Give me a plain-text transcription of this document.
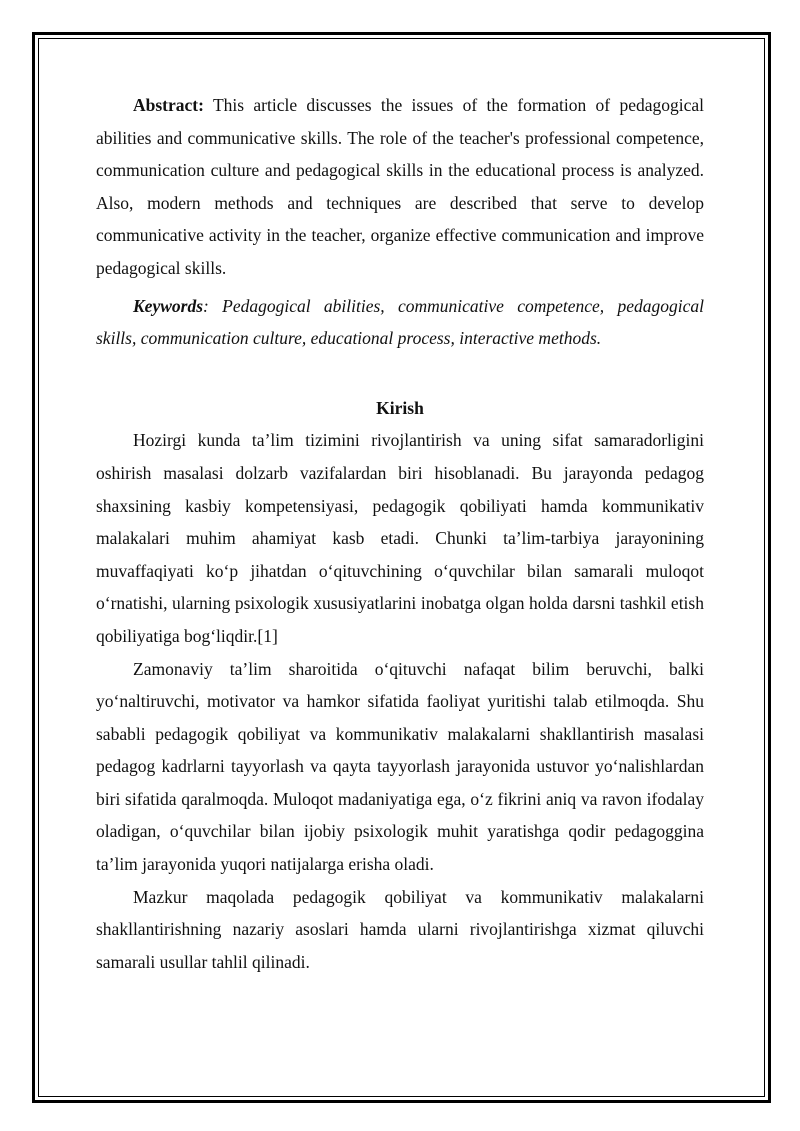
Abstract: This article discusses the issues of the formation of pedagogical abilities and communicative skills. The role of the teacher's professional competence, communication culture and pedagogical skills in the educational process is analyzed. Also, modern methods and techniques are described that serve to develop communicative activity in the teacher, organize effective communication and improve pedagogical skills.

Keywords: Pedagogical abilities, communicative competence, pedagogical skills, communication culture, educational process, interactive methods.

Kirish

Hozirgi kunda ta’lim tizimini rivojlantirish va uning sifat samaradorligini oshirish masalasi dolzarb vazifalardan biri hisoblanadi. Bu jarayonda pedagog shaxsining kasbiy kompetensiyasi, pedagogik qobiliyati hamda kommunikativ malakalari muhim ahamiyat kasb etadi. Chunki ta’lim-tarbiya jarayonining muvaffaqiyati ko‘p jihatdan o‘qituvchining o‘quvchilar bilan samarali muloqot o‘rnatishi, ularning psixologik xususiyatlarini inobatga olgan holda darsni tashkil etish qobiliyatiga bog‘liqdir.[1]

Zamonaviy ta’lim sharoitida o‘qituvchi nafaqat bilim beruvchi, balki yo‘naltiruvchi, motivator va hamkor sifatida faoliyat yuritishi talab etilmoqda. Shu sababli pedagogik qobiliyat va kommunikativ malakalarni shakllantirish masalasi pedagog kadrlarni tayyorlash va qayta tayyorlash jarayonida ustuvor yo‘nalishlardan biri sifatida qaralmoqda. Muloqot madaniyatiga ega, o‘z fikrini aniq va ravon ifodalay oladigan, o‘quvchilar bilan ijobiy psixologik muhit yaratishga qodir pedagoggina ta’lim jarayonida yuqori natijalarga erisha oladi.

Mazkur maqolada pedagogik qobiliyat va kommunikativ malakalarni shakllantirishning nazariy asoslari hamda ularni rivojlantirishga xizmat qiluvchi samarali usullar tahlil qilinadi.
